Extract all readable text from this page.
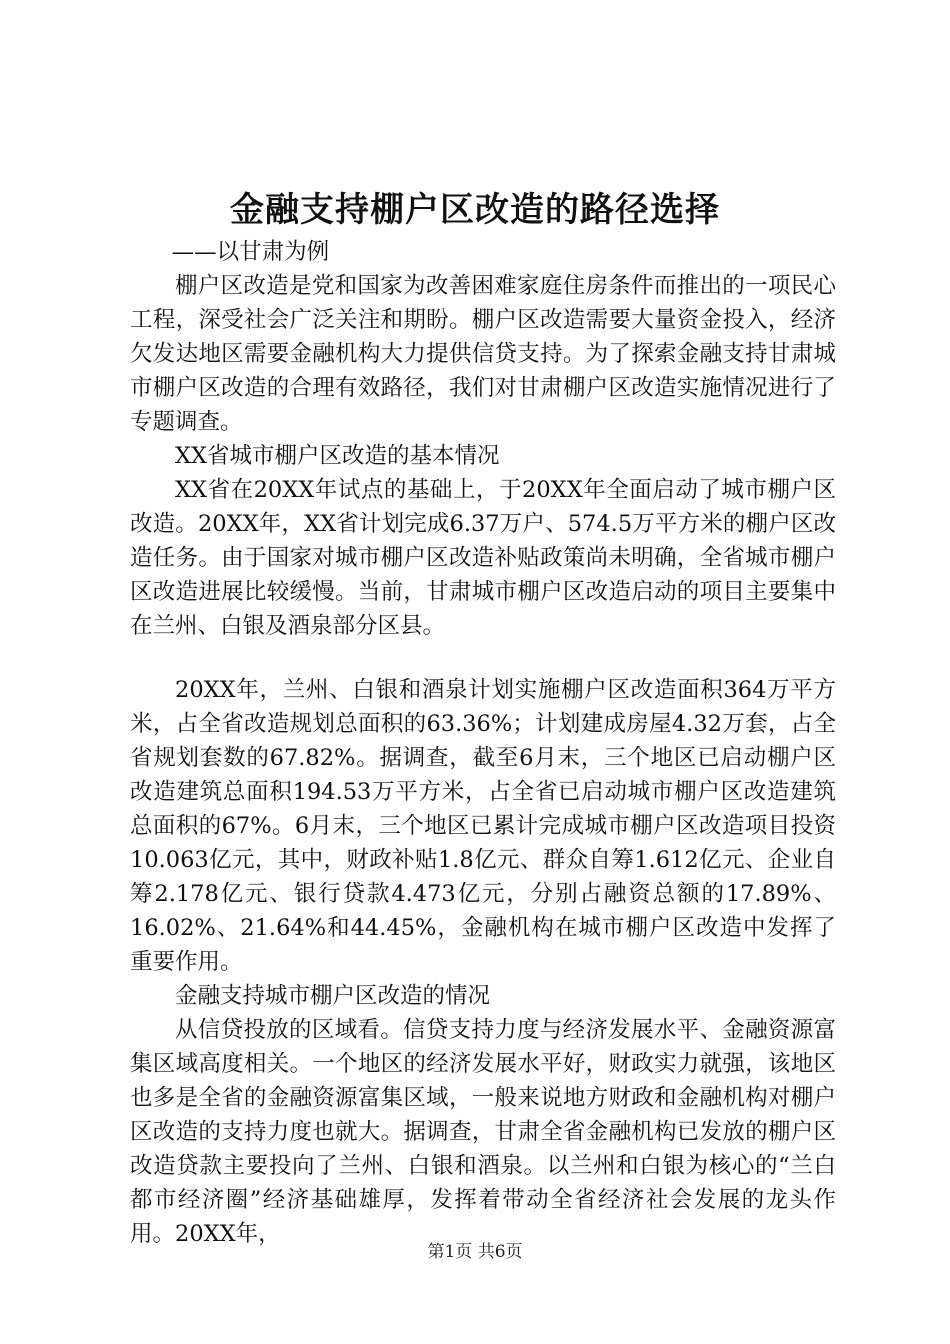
金融支持棚户区改造的路径选择

——以甘肃为例

棚户区改造是党和国家为改善困难家庭住房条件而推出的一项民心工程，深受社会广泛关注和期盼。棚户区改造需要大量资金投入，经济欠发达地区需要金融机构大力提供信贷支持。为了探索金融支持甘肃城市棚户区改造的合理有效路径，我们对甘肃棚户区改造实施情况进行了专题调查。

XX省城市棚户区改造的基本情况

XX省在20XX年试点的基础上，于20XX年全面启动了城市棚户区改造。20XX年，XX省计划完成6.37万户、574.5万平方米的棚户区改造任务。由于国家对城市棚户区改造补贴政策尚未明确，全省城市棚户区改造进展比较缓慢。当前，甘肃城市棚户区改造启动的项目主要集中在兰州、白银及酒泉部分区县。

20XX年，兰州、白银和酒泉计划实施棚户区改造面积364万平方米，占全省改造规划总面积的63.36%；计划建成房屋4.32万套，占全省规划套数的67.82%。据调查，截至6月末，三个地区已启动棚户区改造建筑总面积194.53万平方米，占全省已启动城市棚户区改造建筑总面积的67%。6月末，三个地区已累计完成城市棚户区改造项目投资10.063亿元，其中，财政补贴1.8亿元、群众自筹1.612亿元、企业自筹2.178亿元、银行贷款4.473亿元，分别占融资总额的17.89%、16.02%、21.64%和44.45%，金融机构在城市棚户区改造中发挥了重要作用。

金融支持城市棚户区改造的情况

从信贷投放的区域看。信贷支持力度与经济发展水平、金融资源富集区域高度相关。一个地区的经济发展水平好，财政实力就强，该地区也多是全省的金融资源富集区域，一般来说地方财政和金融机构对棚户区改造的支持力度也就大。据调查，甘肃全省金融机构已发放的棚户区改造贷款主要投向了兰州、白银和酒泉。以兰州和白银为核心的“兰白都市经济圈”经济基础雄厚，发挥着带动全省经济社会发展的龙头作用。20XX年，

第1页 共6页
